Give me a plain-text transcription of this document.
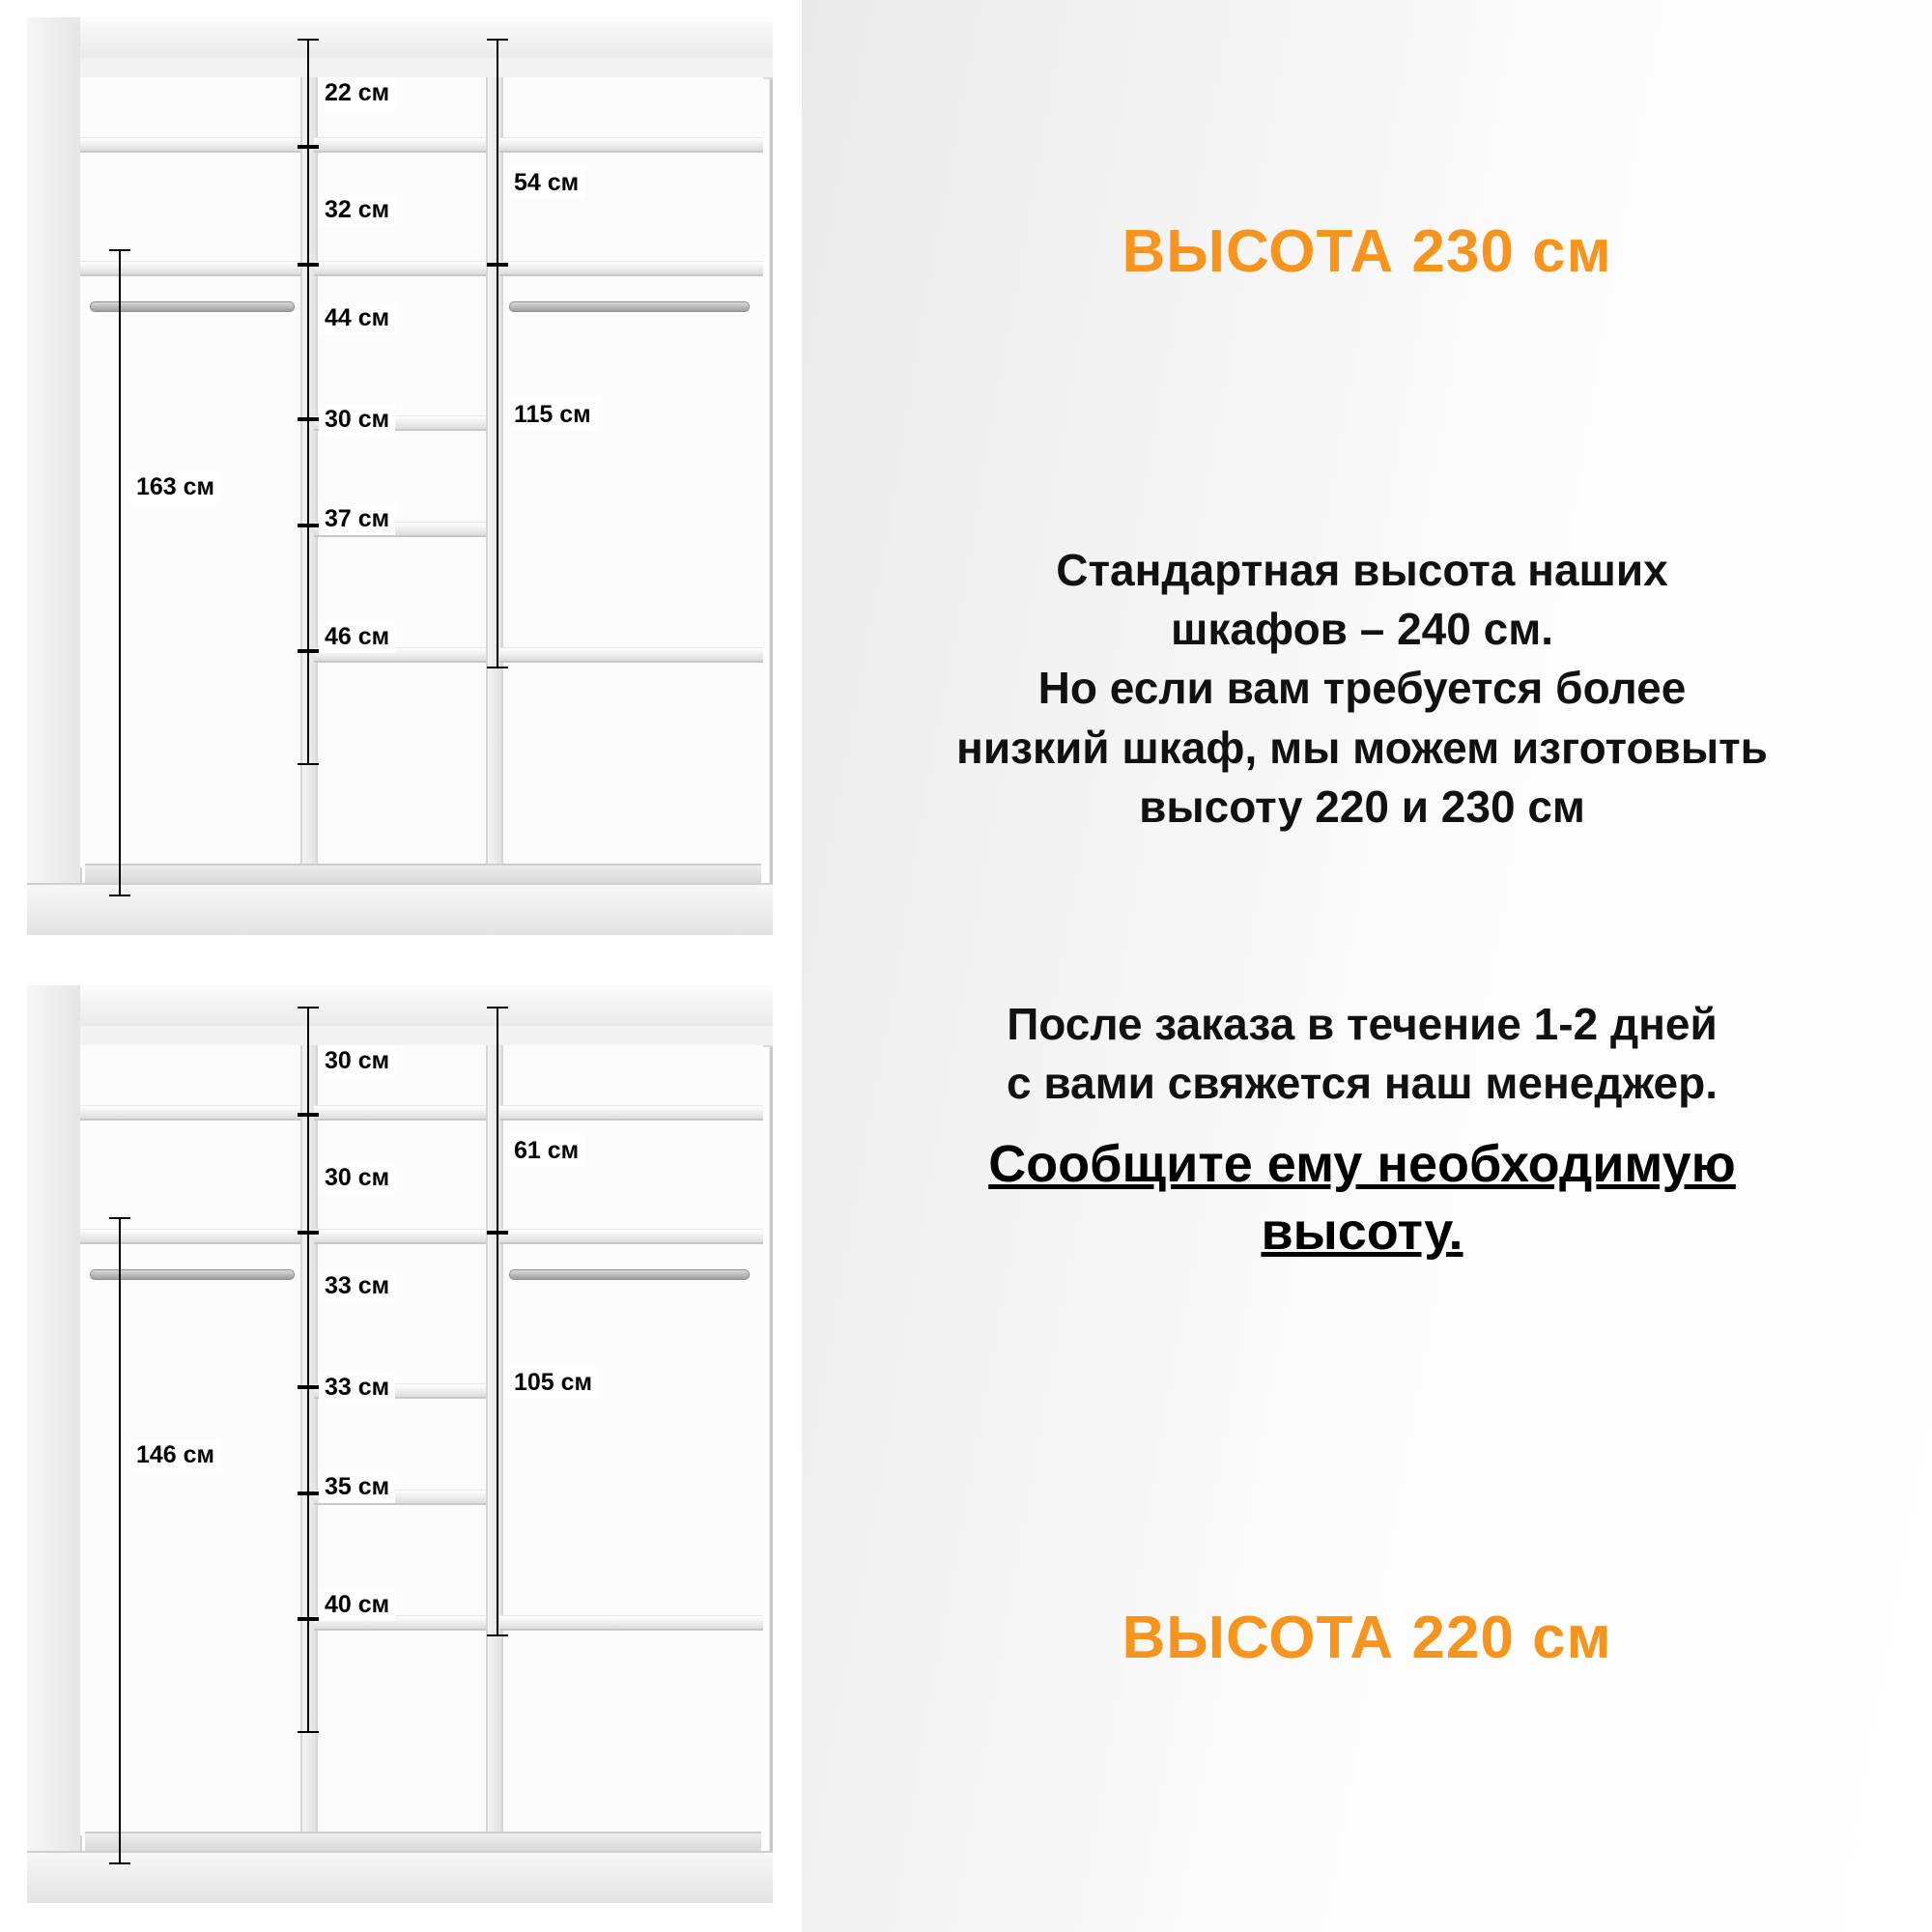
ВЫСОТА 230 см
Стандартная высота наших
шкафов – 240 см.
Но если вам требуется более
низкий шкаф, мы можем изготовыть
высоту 220 и 230 см
После заказа в течение 1-2 дней
с вами свяжется наш менеджер.
Сообщите ему необходимую
высоту.
ВЫСОТА 220 см
22 см
32 см
44 см
30 см
37 см
46 см
54 см
115 см
163 см
30 см
30 см
33 см
33 см
35 см
40 см
61 см
105 см
146 см
